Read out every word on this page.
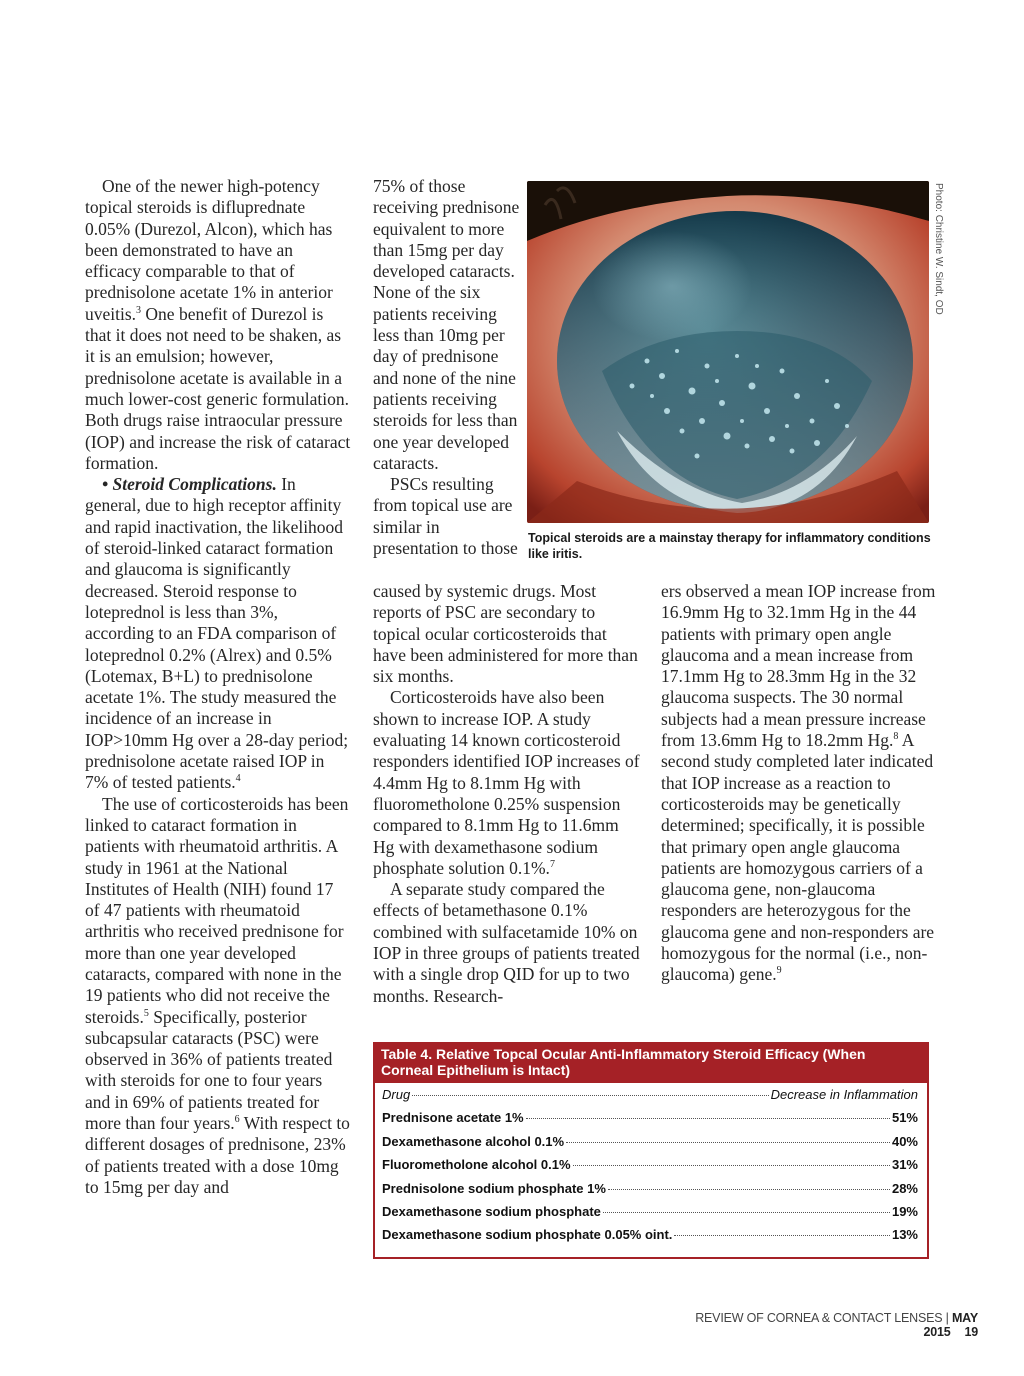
One of the newer high-potency topical steroids is difluprednate 0.05% (Durezol, Alcon), which has been demonstrated to have an efficacy comparable to that of prednisolone acetate 1% in anterior uveitis.$^3$ One benefit of Durezol is that it does not need to be shaken, as it is an emulsion; however, prednisolone acetate is available in a much lower-cost generic formulation. Both drugs raise intraocular pressure (IOP) and increase the risk of cataract formation.

• Steroid Complications. In general, due to high receptor affinity and rapid inactivation, the likelihood of steroid-linked cataract formation and glaucoma is significantly decreased. Steroid response to loteprednol is less than 3%, according to an FDA comparison of loteprednol 0.2% (Alrex) and 0.5% (Lotemax, B+L) to prednisolone acetate 1%. The study measured the incidence of an increase in IOP>10mm Hg over a 28-day period; prednisolone acetate raised IOP in 7% of tested patients.$^4$

The use of corticosteroids has been linked to cataract formation in patients with rheumatoid arthritis. A study in 1961 at the National Institutes of Health (NIH) found 17 of 47 patients with rheumatoid arthritis who received prednisone for more than one year developed cataracts, compared with none in the 19 patients who did not receive the steroids.$^5$ Specifically, posterior subcapsular cataracts (PSC) were observed in 36% of patients treated with steroids for one to four years and in 69% of patients treated for more than four years.$^6$ With respect to different dosages of prednisone, 23% of patients treated with a dose 10mg to 15mg per day and

75% of those receiving prednisone equivalent to more than 15mg per day developed cataracts. None of the six patients receiving less than 10mg per day of prednisone and none of the nine patients receiving steroids for less than one year developed cataracts.

PSCs resulting from topical use are similar in presentation to those

Photo: Christine W. Sindt, OD
Topical steroids are a mainstay therapy for inflammatory conditions like iritis.

caused by systemic drugs. Most reports of PSC are secondary to topical ocular corticosteroids that have been administered for more than six months.

Corticosteroids have also been shown to increase IOP. A study evaluating 14 known corticosteroid responders identified IOP increases of 4.4mm Hg to 8.1mm Hg with fluorometholone 0.25% suspension compared to 8.1mm Hg to 11.6mm Hg with dexamethasone sodium phosphate solution 0.1%.$^7$

A separate study compared the effects of betamethasone 0.1% combined with sulfacetamide 10% on IOP in three groups of patients treated with a single drop QID for up to two months. Research-

ers observed a mean IOP increase from 16.9mm Hg to 32.1mm Hg in the 44 patients with primary open angle glaucoma and a mean increase from 17.1mm Hg to 28.3mm Hg in the 32 glaucoma suspects. The 30 normal subjects had a mean pressure increase from 13.6mm Hg to 18.2mm Hg.$^8$ A second study completed later indicated that IOP increase as a reaction to corticosteroids may be genetically determined; specifically, it is possible that primary open angle glaucoma patients are homozygous carriers of a glaucoma gene, non-glaucoma responders are heterozygous for the glaucoma gene and non-responders are homozygous for the normal (i.e., non-glaucoma) gene.$^9$

Table 4. Relative Topcal Ocular Anti-Inflammatory Steroid Efficacy (When Corneal Epithelium is Intact)
Drug	Decrease in Inflammation
Prednisone acetate 1%	51%
Dexamethasone alcohol 0.1%	40%
Fluorometholone alcohol 0.1%	31%
Prednisolone sodium phosphate 1%	28%
Dexamethasone sodium phosphate	19%
Dexamethasone sodium phosphate 0.05% oint.	13%
REVIEW OF CORNEA & CONTACT LENSES | MAY 2015 19
